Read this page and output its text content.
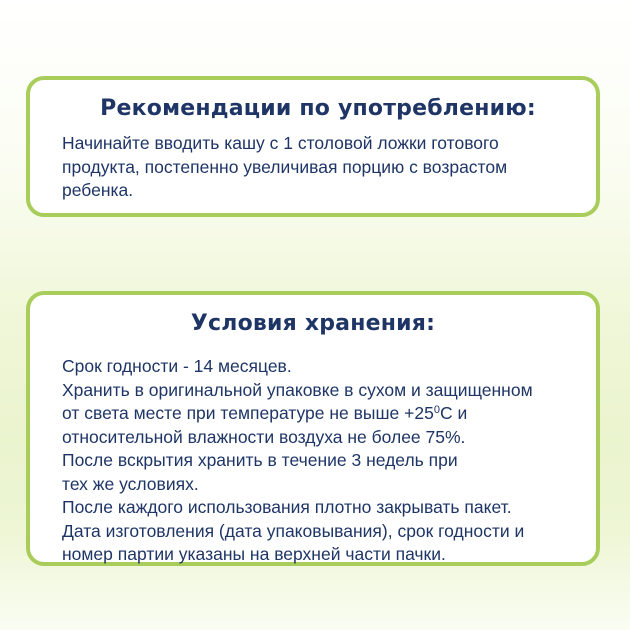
Рекомендации по употреблению:

Начинайте вводить кашу с 1 столовой ложки готового
продукта, постепенно увеличивая порцию с возрастом
ребенка.

Условия хранения:

Срок годности - 14 месяцев.
Хранить в оригинальной упаковке в сухом и защищенном
от света месте при температуре не выше $+25^0С$ и
относительной влажности воздуха не более 75%.
После вскрытия хранить в течение 3 недель при
тех же условиях.
После каждого использования плотно закрывать пакет.
Дата изготовления (дата упаковывания), срок годности и
номер партии указаны на верхней части пачки.
